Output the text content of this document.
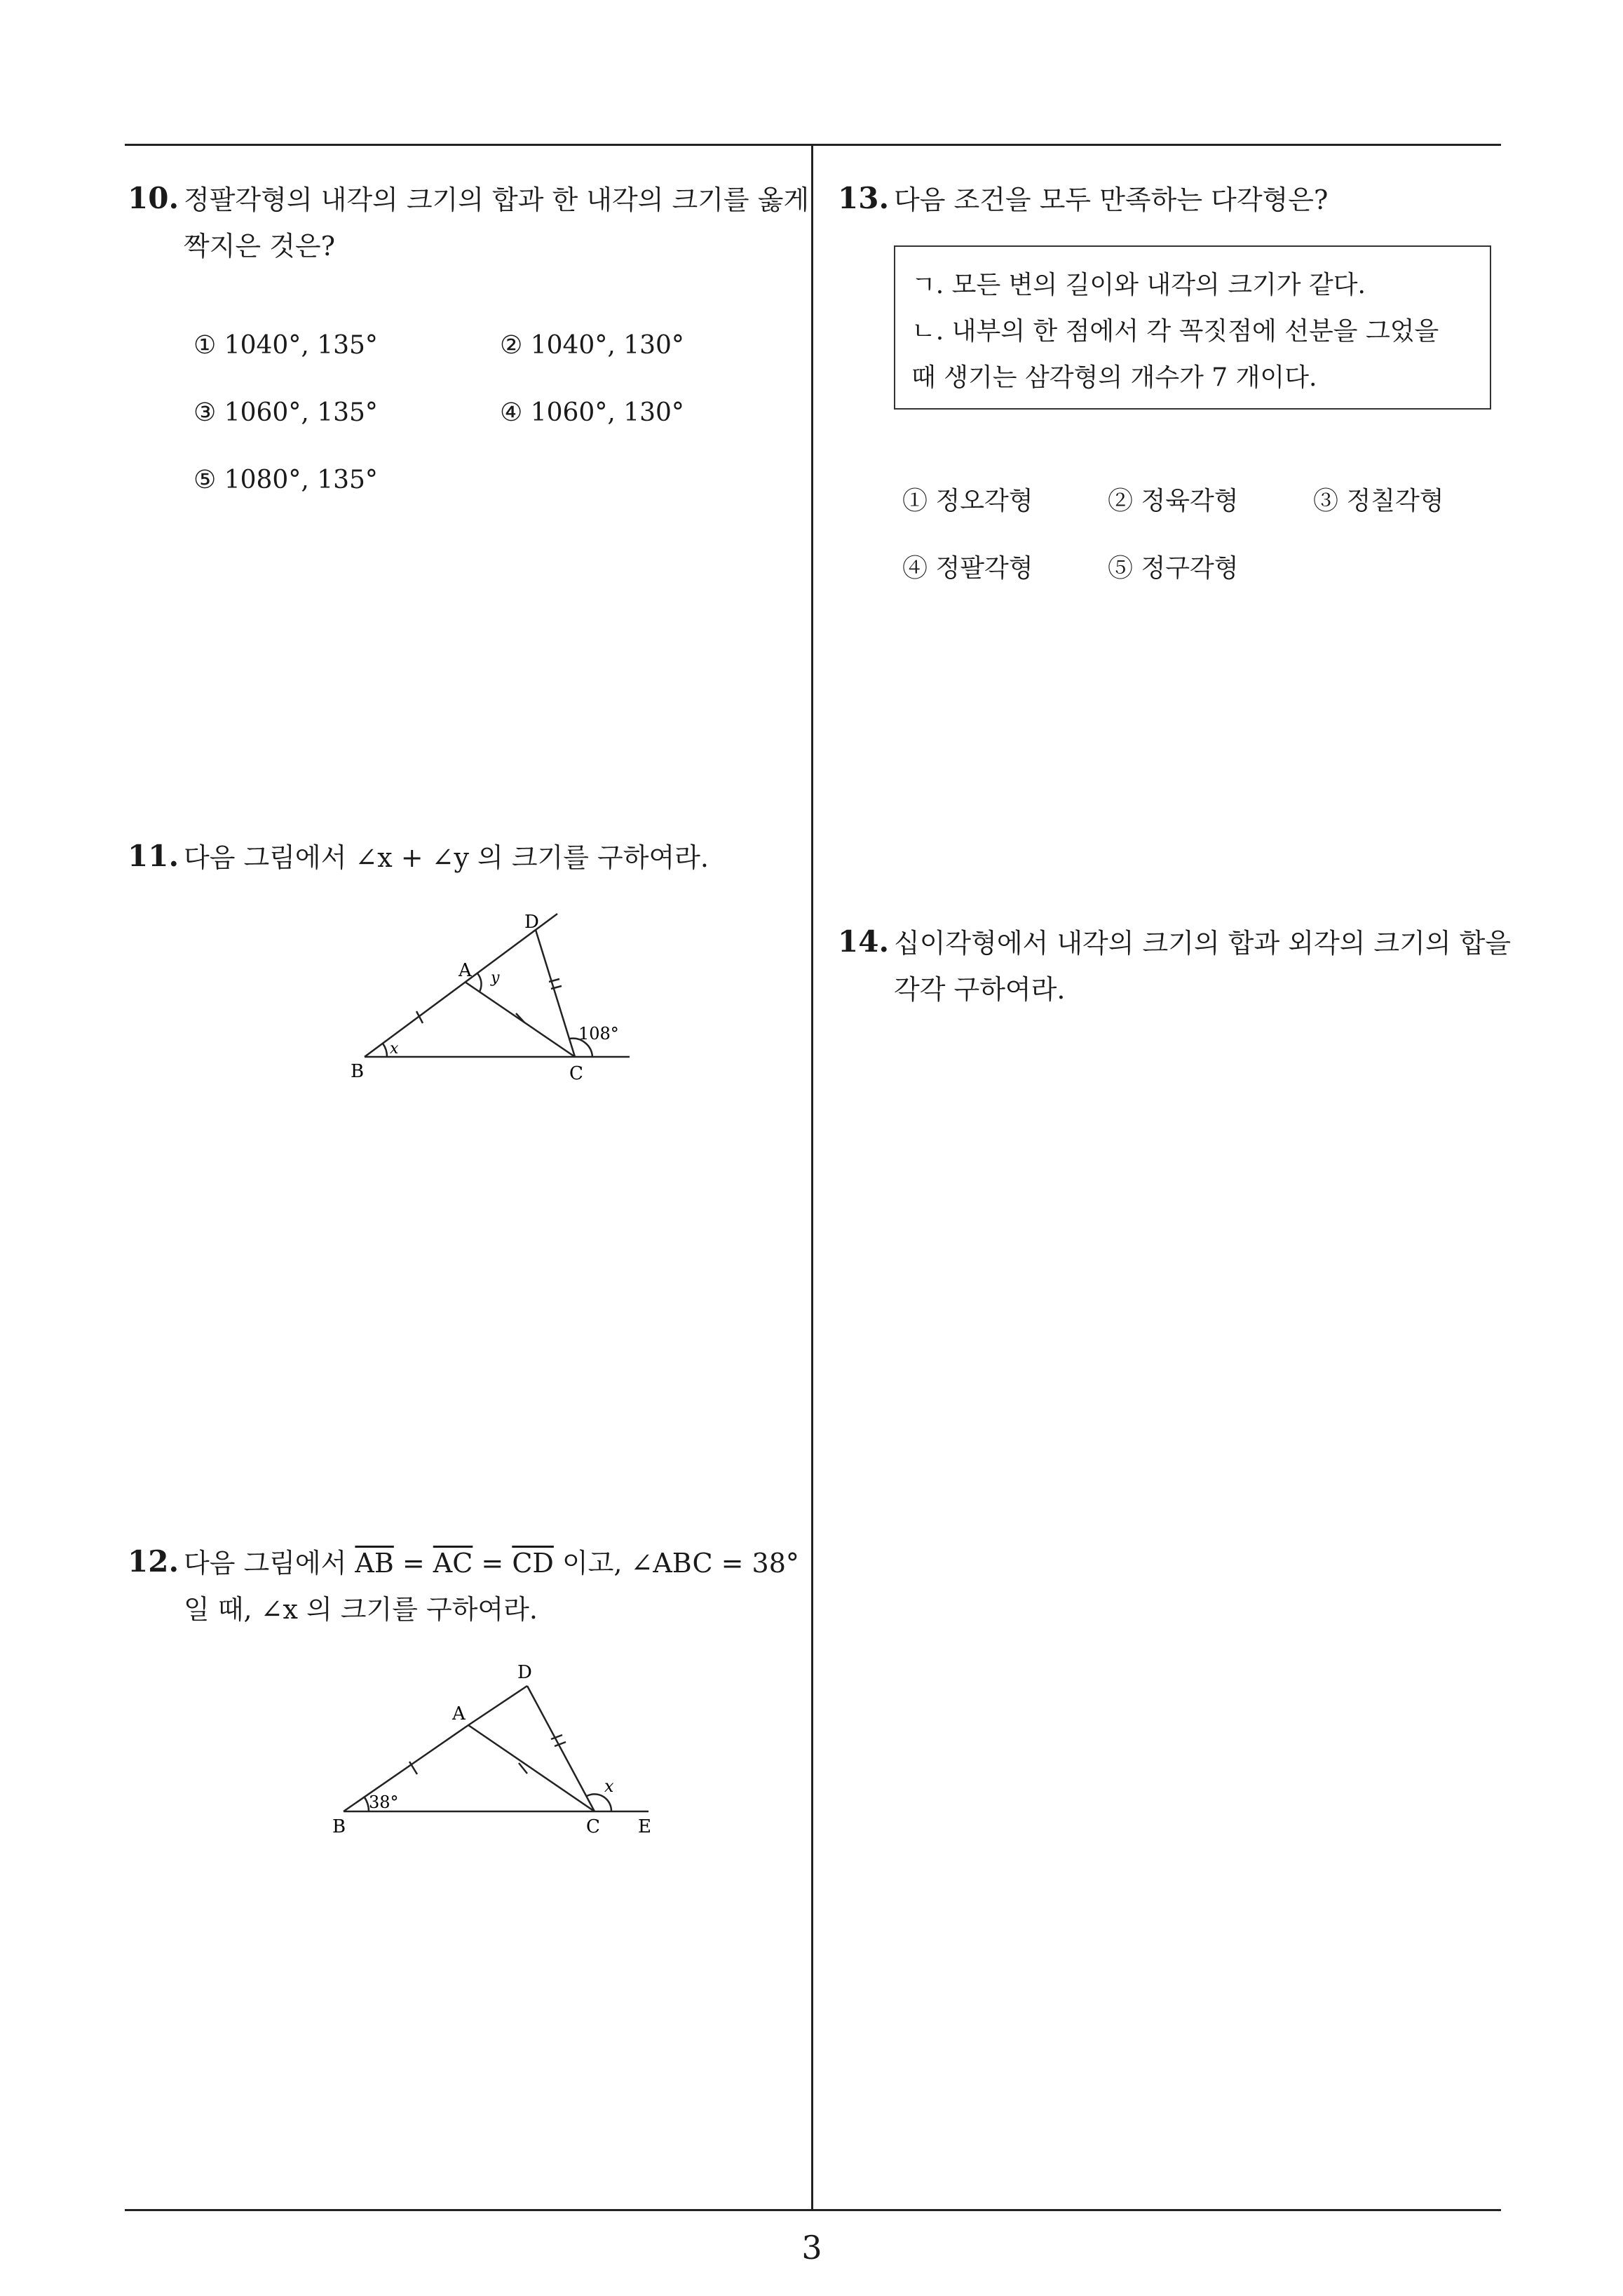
10. 정팔각형의 내각의 크기의 합과 한 내각의 크기를 옳게
짝지은 것은?
① 1040°, 135°	② 1040°, 130°
③ 1060°, 135°	④ 1060°, 130°
⑤ 1080°, 135°
11. 다음 그림에서 ∠x + ∠y 의 크기를 구하여라.
B	C
A
D
x
y
108°
12. 다음 그림에서 $\overline{AB} = \overline{AC} = \overline{CD}$ 이고, ∠ABC = 38°
일 때, ∠x 의 크기를 구하여라.
B	C E
A
D
38°
x
13. 다음 조건을 모두 만족하는 다각형은?
ㄱ. 모든 변의 길이와 내각의 크기가 같다.
ㄴ. 내부의 한 점에서 각 꼭짓점에 선분을 그었을
때 생기는 삼각형의 개수가 7 개이다.
① 정오각형	② 정육각형	③ 정칠각형
④ 정팔각형	⑤ 정구각형
14. 십이각형에서 내각의 크기의 합과 외각의 크기의 합을
각각 구하여라.
3
